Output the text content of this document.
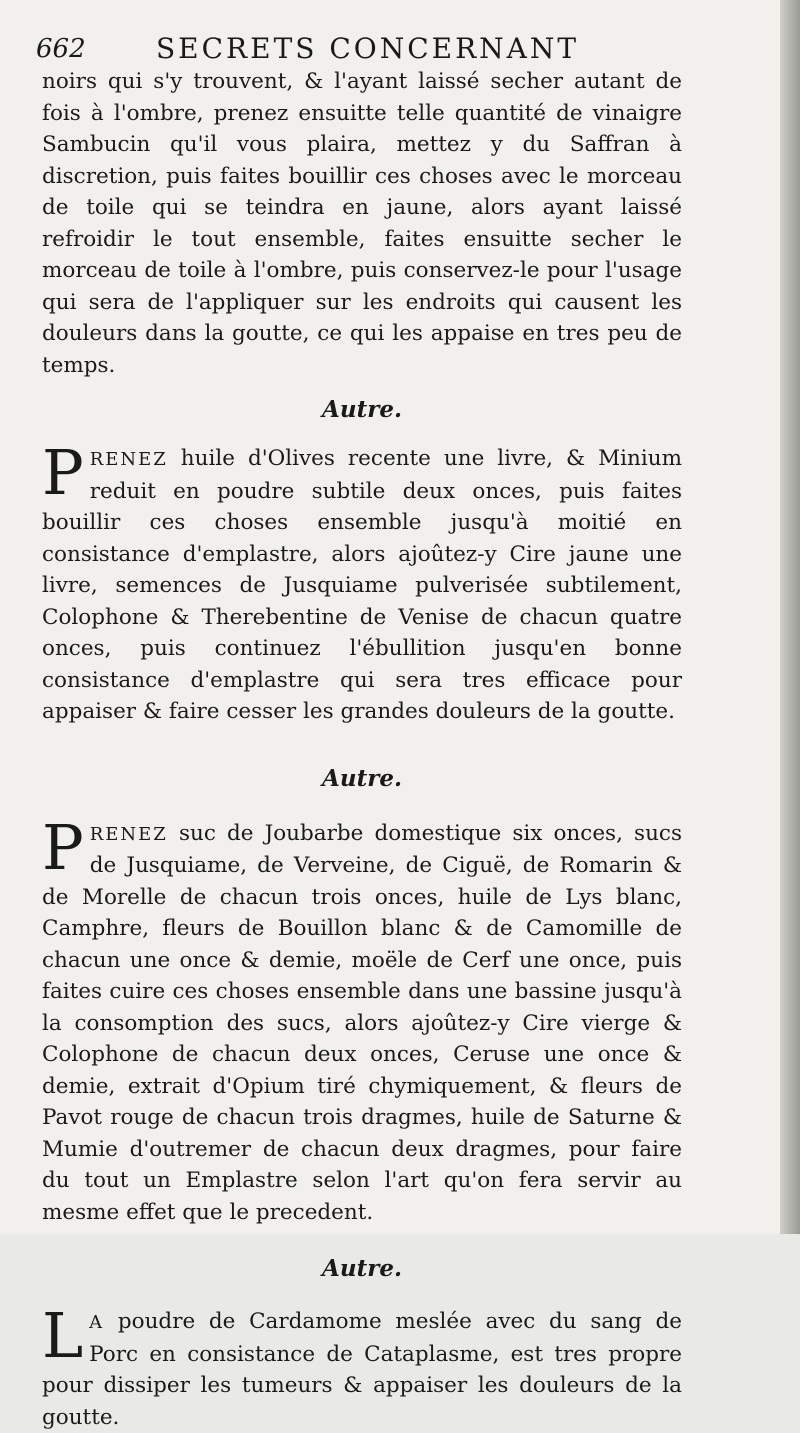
662	SECRETS CONCERNANT

noirs qui s'y trouvent, & l'ayant laissé secher autant de fois à l'ombre, prenez ensuitte telle quantité de vinaigre Sambucin qu'il vous plaira, mettez y du Saffran à discretion, puis faites bouillir ces choses avec le morceau de toile qui se teindra en jaune, alors ayant laissé refroidir le tout ensemble, faites ensuitte secher le morceau de toile à l'ombre, puis conservez-le pour l'usage qui sera de l'appliquer sur les endroits qui causent les douleurs dans la goutte, ce qui les appaise en tres peu de temps.

Autre.

PRENEZ huile d'Olives recente une livre, & Minium reduit en poudre subtile deux onces, puis faites bouillir ces choses ensemble jusqu'à moitié en consistance d'emplastre, alors ajoûtez-y Cire jaune une livre, semences de Jusquiame pulverisée subtilement, Colophone & Therebentine de Venise de chacun quatre onces, puis continuez l'ébullition jusqu'en bonne consistance d'emplastre qui sera tres efficace pour appaiser & faire cesser les grandes douleurs de la goutte.

Autre.

PRENEZ suc de Joubarbe domestique six onces, sucs de Jusquiame, de Verveine, de Ciguë, de Romarin & de Morelle de chacun trois onces, huile de Lys blanc, Camphre, fleurs de Bouillon blanc & de Camomille de chacun une once & demie, moële de Cerf une once, puis faites cuire ces choses ensemble dans une bassine jusqu'à la consomption des sucs, alors ajoûtez-y Cire vierge & Colophone de chacun deux onces, Ceruse une once & demie, extrait d'Opium tiré chymiquement, & fleurs de Pavot rouge de chacun trois dragmes, huile de Saturne & Mumie d'outremer de chacun deux dragmes, pour faire du tout un Emplastre selon l'art qu'on fera servir au mesme effet que le precedent.

Autre.

L A poudre de Cardamome meslée avec du sang de Porc en consistance de Cataplasme, est tres propre pour dissiper les tumeurs & appaiser les douleurs de la goutte.
